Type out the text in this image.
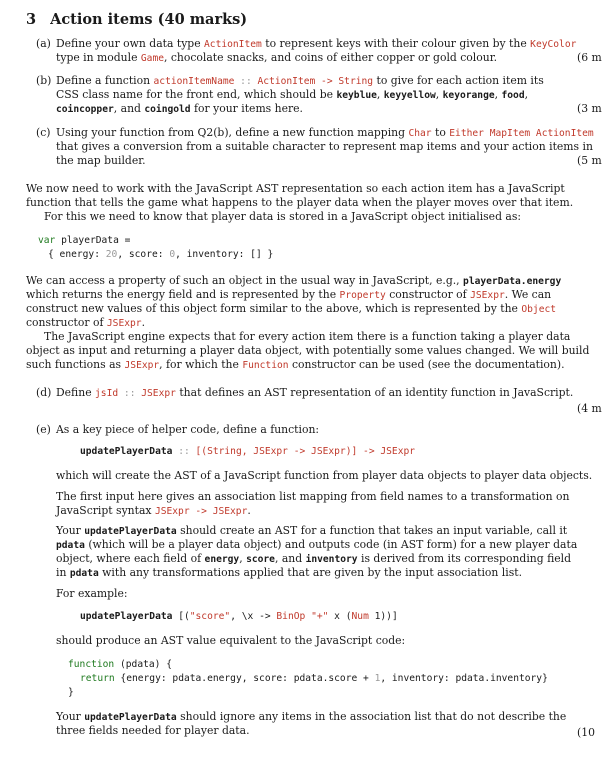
3 Action items (40 marks)
(a) Define your own data type ActionItem to represent keys with their colour given by the KeyColor
type in module Game, chocolate snacks, and coins of either copper or gold colour.	(6 m
(b) Define a function actionItemName :: ActionItem -> String to give for each action item its
CSS class name for the front end, which should be keyblue, keyyellow, keyorange, food,
coincopper, and coingold for your items here.	(3 m
(c) Using your function from Q2(b), define a new function mapping Char to Either MapItem ActionItem
that gives a conversion from a suitable character to represent map items and your action items in
the map builder.	(5 m
We now need to work with the JavaScript AST representation so each action item has a JavaScript
function that tells the game what happens to the player data when the player moves over that item.
For this we need to know that player data is stored in a JavaScript object initialised as:
var playerData =
{ energy: 20, score: 0, inventory: [] }
We can access a property of such an object in the usual way in JavaScript, e.g., playerData.energy
which returns the energy field and is represented by the Property constructor of JSExpr. We can
construct new values of this object form similar to the above, which is represented by the Object
constructor of JSExpr.
The JavaScript engine expects that for every action item there is a function taking a player data
object as input and returning a player data object, with potentially some values changed. We will build
such functions as JSExpr, for which the Function constructor can be used (see the documentation).
(d) Define jsId :: JSExpr that defines an AST representation of an identity function in JavaScript.
(4 m
(e) As a key piece of helper code, define a function:
updatePlayerData :: [(String, JSExpr -> JSExpr)] -> JSExpr
which will create the AST of a JavaScript function from player data objects to player data objects.
The first input here gives an association list mapping from field names to a transformation on
JavaScript syntax JSExpr -> JSExpr.
Your updatePlayerData should create an AST for a function that takes an input variable, call it
pdata (which will be a player data object) and outputs code (in AST form) for a new player data
object, where each field of energy, score, and inventory is derived from its corresponding field
in pdata with any transformations applied that are given by the input association list.
For example:
updatePlayerData [("score", \x -> BinOp "+" x (Num 1))]
should produce an AST value equivalent to the JavaScript code:
function (pdata) {
return {energy: pdata.energy, score: pdata.score + 1, inventory: pdata.inventory}
}
Your updatePlayerData should ignore any items in the association list that do not describe the
three fields needed for player data.	(10
